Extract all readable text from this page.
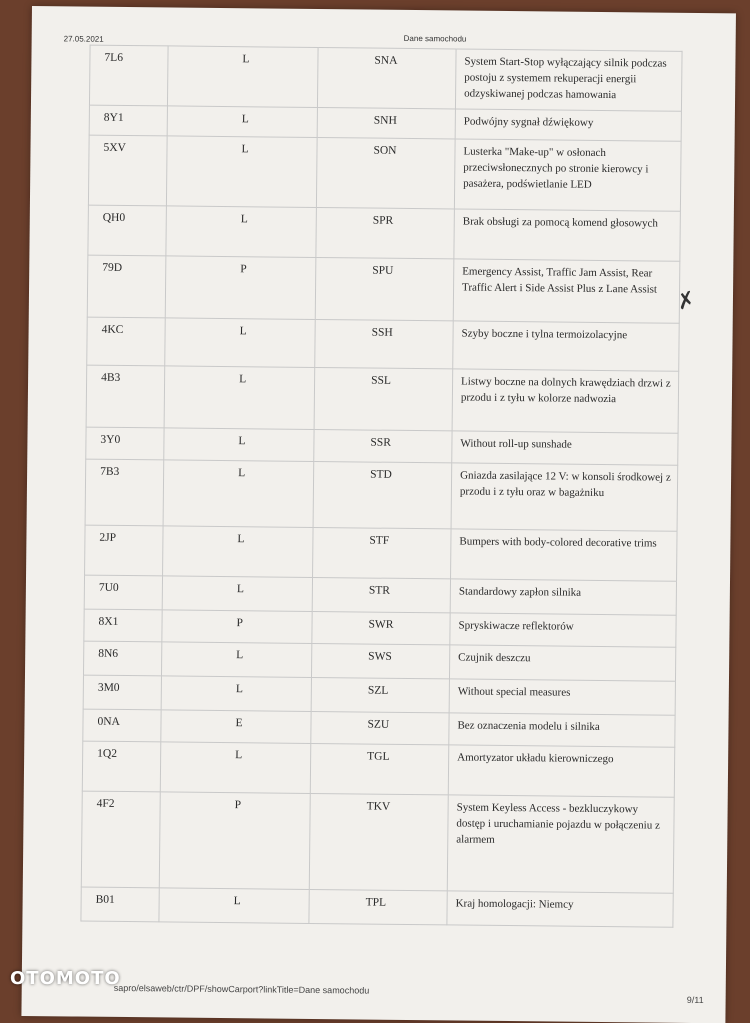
27.05.2021	Dane samochodu
7L6	L	SNA	System Start-Stop wyłączający silnik podczas postoju z systemem rekuperacji energii odzyskiwanej podczas hamowania
8Y1	L	SNH	Podwójny sygnał dźwiękowy
5XV	L	SON	Lusterka "Make-up" w osłonach przeciwsłonecznych po stronie kierowcy i pasażera, podświetlanie LED
QH0	L	SPR	Brak obsługi za pomocą komend głosowych
79D	P	SPU	Emergency Assist, Traffic Jam Assist, Rear Traffic Alert i Side Assist Plus z Lane Assist
4KC	L	SSH	Szyby boczne i tylna termoizolacyjne
4B3	L	SSL	Listwy boczne na dolnych krawędziach drzwi z przodu i z tyłu w kolorze nadwozia
3Y0	L	SSR	Without roll-up sunshade
7B3	L	STD	Gniazda zasilające 12 V: w konsoli środkowej z przodu i z tyłu oraz w bagażniku
2JP	L	STF	Bumpers with body-colored decorative trims
7U0	L	STR	Standardowy zapłon silnika
8X1	P	SWR	Spryskiwacze reflektorów
8N6	L	SWS	Czujnik deszczu
3M0	L	SZL	Without special measures
0NA	E	SZU	Bez oznaczenia modelu i silnika
1Q2	L	TGL	Amortyzator układu kierowniczego
4F2	P	TKV	System Keyless Access - bezkluczykowy dostęp i uruchamianie pojazdu w połączeniu z alarmem
B01	L	TPL	Kraj homologacji: Niemcy
✗
sapro/elsaweb/ctr/DPF/showCarport?linkTitle=Dane samochodu
9/11
OTOMOTO
